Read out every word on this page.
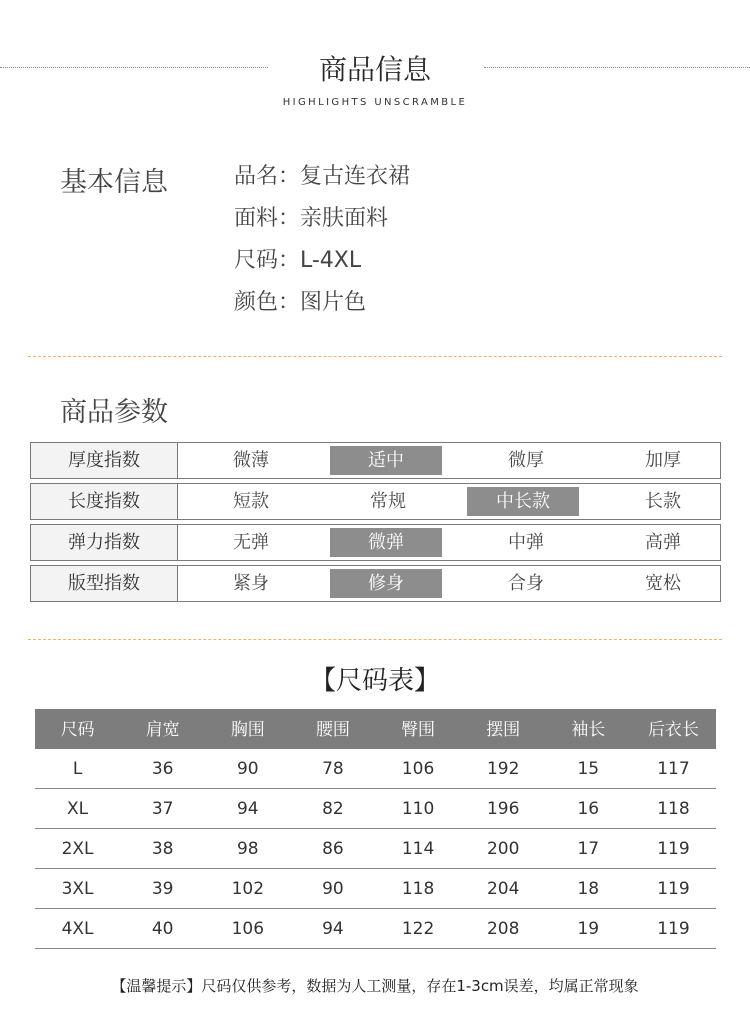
商品信息
HIGHLIGHTS UNSCRAMBLE
基本信息	品名：复古连衣裙
面料：亲肤面料
尺码：L-4XL
颜色：图片色
商品参数
厚度指数	微薄	适中	微厚	加厚
长度指数	短款	常规	中长款	长款
弹力指数	无弹	微弹	中弹	高弹
版型指数	紧身	修身	合身	宽松
【尺码表】
尺码	肩宽	胸围	腰围	臀围	摆围	袖长	后衣长
L	36	90	78	106	192	15	117
XL	37	94	82	110	196	16	118
2XL	38	98	86	114	200	17	119
3XL	39	102	90	118	204	18	119
4XL	40	106	94	122	208	19	119
【温馨提示】尺码仅供参考，数据为人工测量，存在1-3cm误差，均属正常现象
